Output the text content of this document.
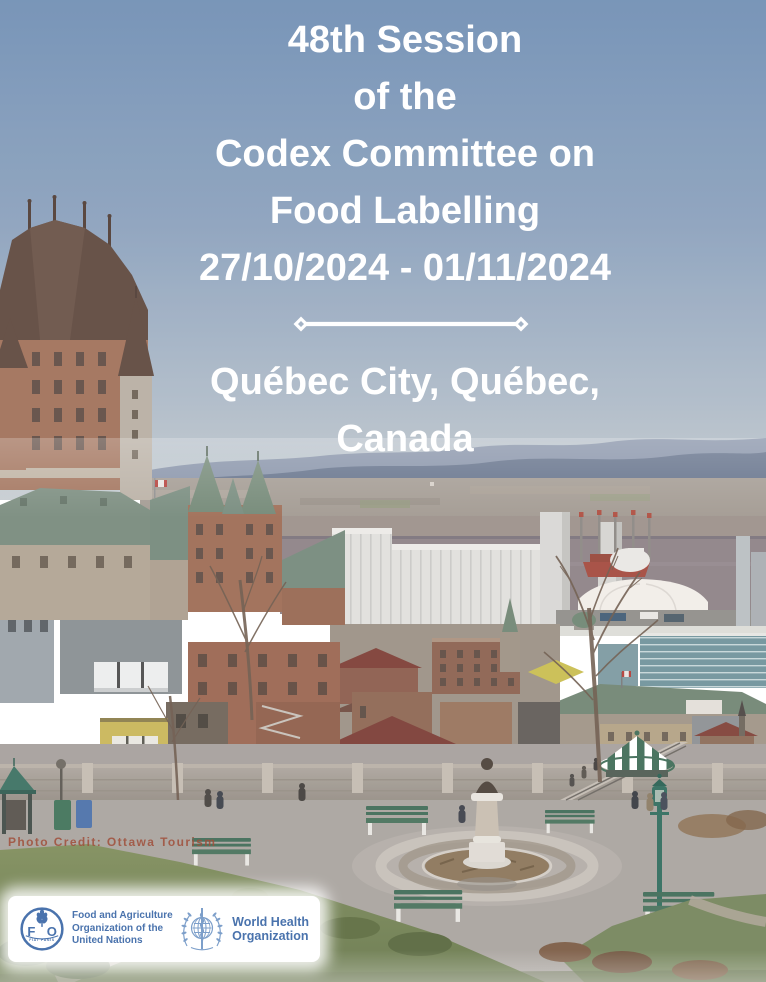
48th Session
of the
Codex Committee on
Food Labelling
27/10/2024 - 01/11/2024
Québec City, Québec,
Canada
Photo Credit: Ottawa Tourism
F O
FIAT PANIS
Food and Agriculture
Organization of the
United Nations
World Health
Organization
